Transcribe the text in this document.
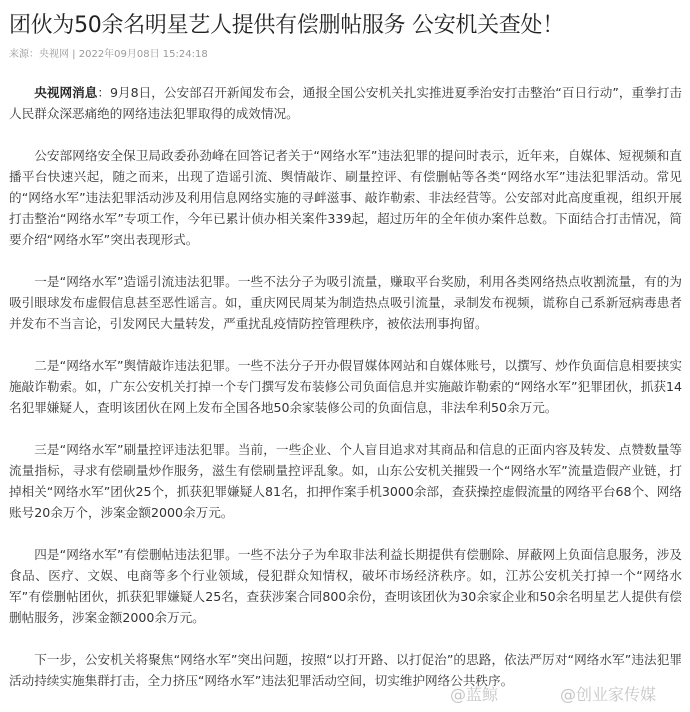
团伙为50余名明星艺人提供有偿删帖服务 公安机关查处！
来源：央视网 | 2022年09月08日 15:24:18

央视网消息：9月8日，公安部召开新闻发布会，通报全国公安机关扎实推进夏季治安打击整治“百日行动”，重拳打击人民群众深恶痛绝的网络违法犯罪取得的成效情况。

公安部网络安全保卫局政委孙劲峰在回答记者关于“网络水军”违法犯罪的提问时表示，近年来，自媒体、短视频和直播平台快速兴起，随之而来，出现了造谣引流、舆情敲诈、刷量控评、有偿删帖等各类“网络水军”违法犯罪活动。常见的“网络水军”违法犯罪活动涉及利用信息网络实施的寻衅滋事、敲诈勒索、非法经营等。公安部对此高度重视，组织开展打击整治“网络水军”专项工作，今年已累计侦办相关案件339起，超过历年的全年侦办案件总数。下面结合打击情况，简要介绍“网络水军”突出表现形式。

一是“网络水军”造谣引流违法犯罪。一些不法分子为吸引流量，赚取平台奖励，利用各类网络热点收割流量，有的为吸引眼球发布虚假信息甚至恶性谣言。如，重庆网民周某为制造热点吸引流量，录制发布视频，谎称自己系新冠病毒患者并发布不当言论，引发网民大量转发，严重扰乱疫情防控管理秩序，被依法刑事拘留。

二是“网络水军”舆情敲诈违法犯罪。一些不法分子开办假冒媒体网站和自媒体账号，以撰写、炒作负面信息相要挟实施敲诈勒索。如，广东公安机关打掉一个专门撰写发布装修公司负面信息并实施敲诈勒索的“网络水军”犯罪团伙，抓获14名犯罪嫌疑人，查明该团伙在网上发布全国各地50余家装修公司的负面信息，非法牟利50余万元。

三是“网络水军”刷量控评违法犯罪。当前，一些企业、个人盲目追求对其商品和信息的正面内容及转发、点赞数量等流量指标，寻求有偿刷量炒作服务，滋生有偿刷量控评乱象。如，山东公安机关摧毁一个“网络水军”流量造假产业链，打掉相关“网络水军”团伙25个，抓获犯罪嫌疑人81名，扣押作案手机3000余部，查获操控虚假流量的网络平台68个、网络账号20余万个，涉案金额2000余万元。

四是“网络水军”有偿删帖违法犯罪。一些不法分子为牟取非法利益长期提供有偿删除、屏蔽网上负面信息服务，涉及食品、医疗、文娱、电商等多个行业领域，侵犯群众知情权，破坏市场经济秩序。如，江苏公安机关打掉一个“网络水军”有偿删帖团伙，抓获犯罪嫌疑人25名，查获涉案合同800余份，查明该团伙为30余家企业和50余名明星艺人提供有偿删帖服务，涉案金额2000余万元。

下一步，公安机关将聚焦“网络水军”突出问题，按照“以打开路、以打促治”的思路，依法严厉对“网络水军”违法犯罪活动持续实施集群打击，全力挤压“网络水军”违法犯罪活动空间，切实维护网络公共秩序。

@蓝鲸	@创业家传媒
